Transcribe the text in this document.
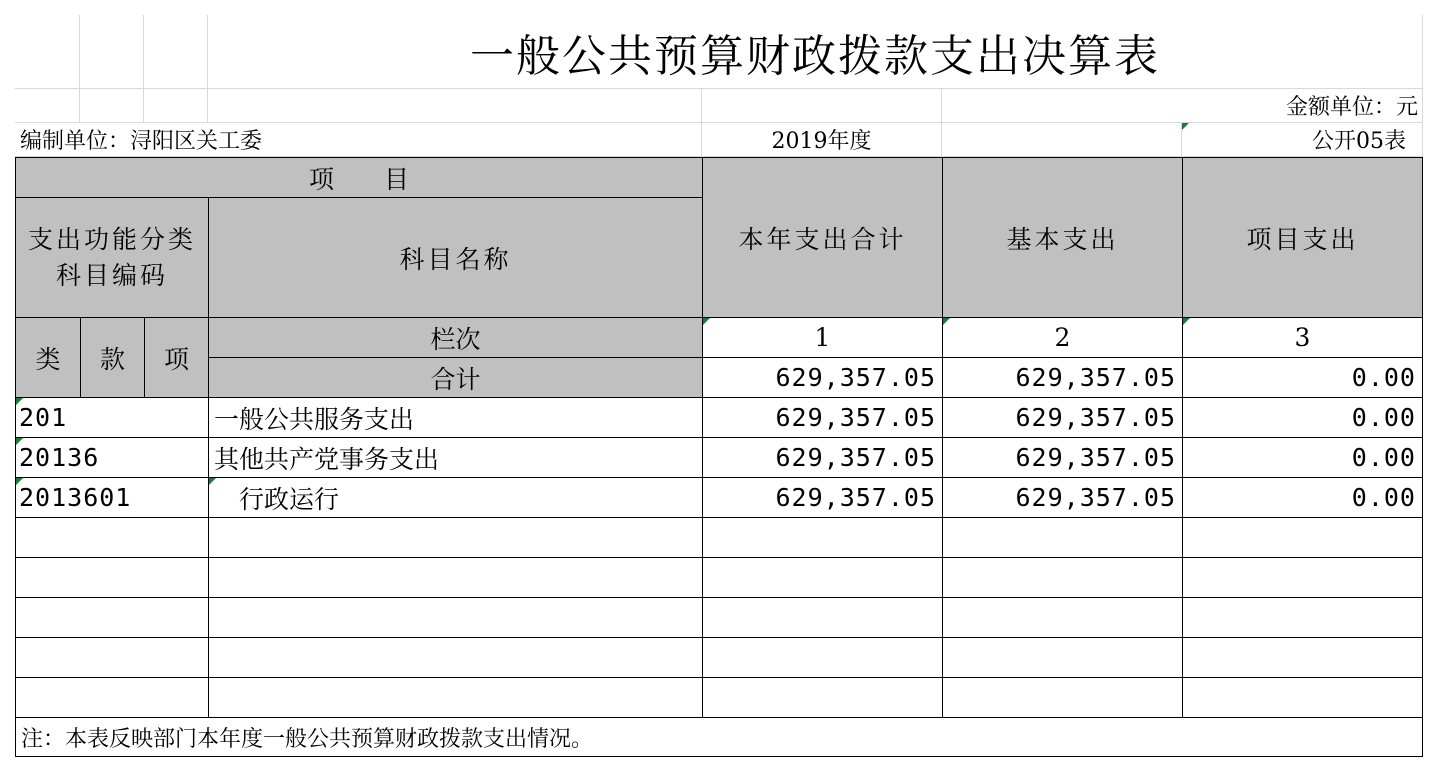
一般公共预算财政拨款支出决算表
金额单位：元
编制单位：浔阳区关工委	2019年度	公开05表
项　　目
本年支出合计	基本支出	项目支出
支出功能分类科目编码
科目名称
类 款 项
栏次	1	2	3
合计	629,357.05	629,357.05	0.00
201	一般公共服务支出	629,357.05	629,357.05	0.00
20136	其他共产党事务支出	629,357.05	629,357.05	0.00
2013601	　行政运行	629,357.05	629,357.05	0.00
注：本表反映部门本年度一般公共预算财政拨款支出情况。
